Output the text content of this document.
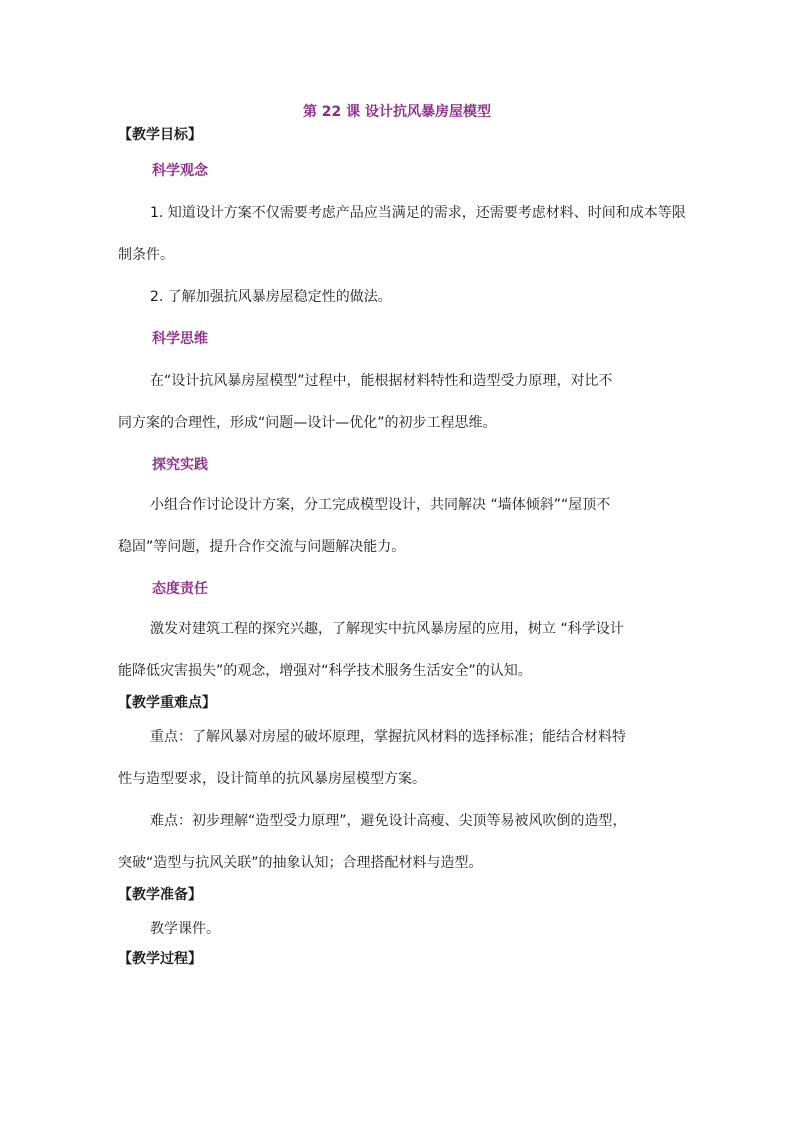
第 22 课 设计抗风暴房屋模型
【教学目标】
科学观念
1. 知道设计方案不仅需要考虑产品应当满足的需求，还需要考虑材料、时间和成本等限
制条件。
2. 了解加强抗风暴房屋稳定性的做法。
科学思维
在“设计抗风暴房屋模型”过程中，能根据材料特性和造型受力原理，对比不
同方案的合理性，形成“问题—设计—优化”的初步工程思维。
探究实践
小组合作讨论设计方案，分工完成模型设计，共同解决 “墙体倾斜”“屋顶不
稳固”等问题，提升合作交流与问题解决能力。
态度责任
激发对建筑工程的探究兴趣，了解现实中抗风暴房屋的应用，树立 “科学设计
能降低灾害损失”的观念，增强对“科学技术服务生活安全”的认知。
【教学重难点】
重点：了解风暴对房屋的破坏原理，掌握抗风材料的选择标准；能结合材料特
性与造型要求，设计简单的抗风暴房屋模型方案。
难点：初步理解“造型受力原理”，避免设计高瘦、尖顶等易被风吹倒的造型，
突破“造型与抗风关联”的抽象认知；合理搭配材料与造型。
【教学准备】
教学课件。
【教学过程】
